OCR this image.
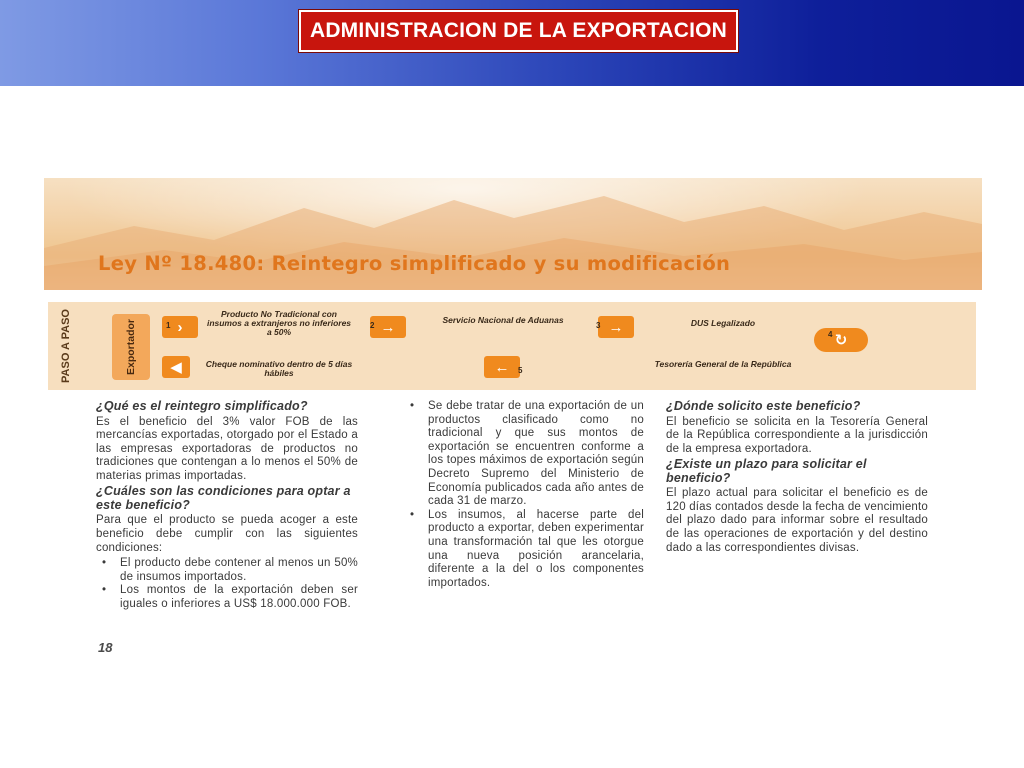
ADMINISTRACION DE LA EXPORTACION
Ley Nº 18.480: Reintegro simplificado y su modificación
PASO A PASO	Exportador	›
1
Producto No Tradicional con insumos a extranjeros no inferiores a 50%	→
2
Servicio Nacional de Aduanas	→
3	DUS Legalizado
↻
4
←	5
Tesorería General de la República
◀	Cheque nominativo dentro de 5 días hábiles
¿Qué es el reintegro simplificado?

Es el beneficio del 3% valor FOB de las mercancías exportadas, otorgado por el Estado a las empresas exportadoras de productos no tradiciones que contengan a lo menos el 50% de materias primas importadas.

¿Cuáles son las condiciones para optar a este beneficio?

Para que el producto se pueda acoger a este beneficio debe cumplir con las siguientes condiciones:

• El producto debe contener al menos un 50% de insumos importados.
• Los montos de la exportación deben ser iguales o inferiores a US$ 18.000.000 FOB.
• Se debe tratar de una exportación de un productos clasificado como no tradicional y que sus montos de exportación se encuentren conforme a los topes máximos de exportación según Decreto Supremo del Ministerio de Economía publicados cada año antes de cada 31 de marzo.
• Los insumos, al hacerse parte del producto a exportar, deben experimentar una transformación tal que les otorgue una nueva posición arancelaria, diferente a la del o los componentes importados.
¿Dónde solicito este beneficio?

El beneficio se solicita en la Tesorería General de la República correspondiente a la jurisdicción de la empresa exportadora.

¿Existe un plazo para solicitar el beneficio?

El plazo actual para solicitar el beneficio es de 120 días contados desde la fecha de vencimiento del plazo dado para informar sobre el resultado de las operaciones de exportación y del destino dado a las correspondientes divisas.

18
